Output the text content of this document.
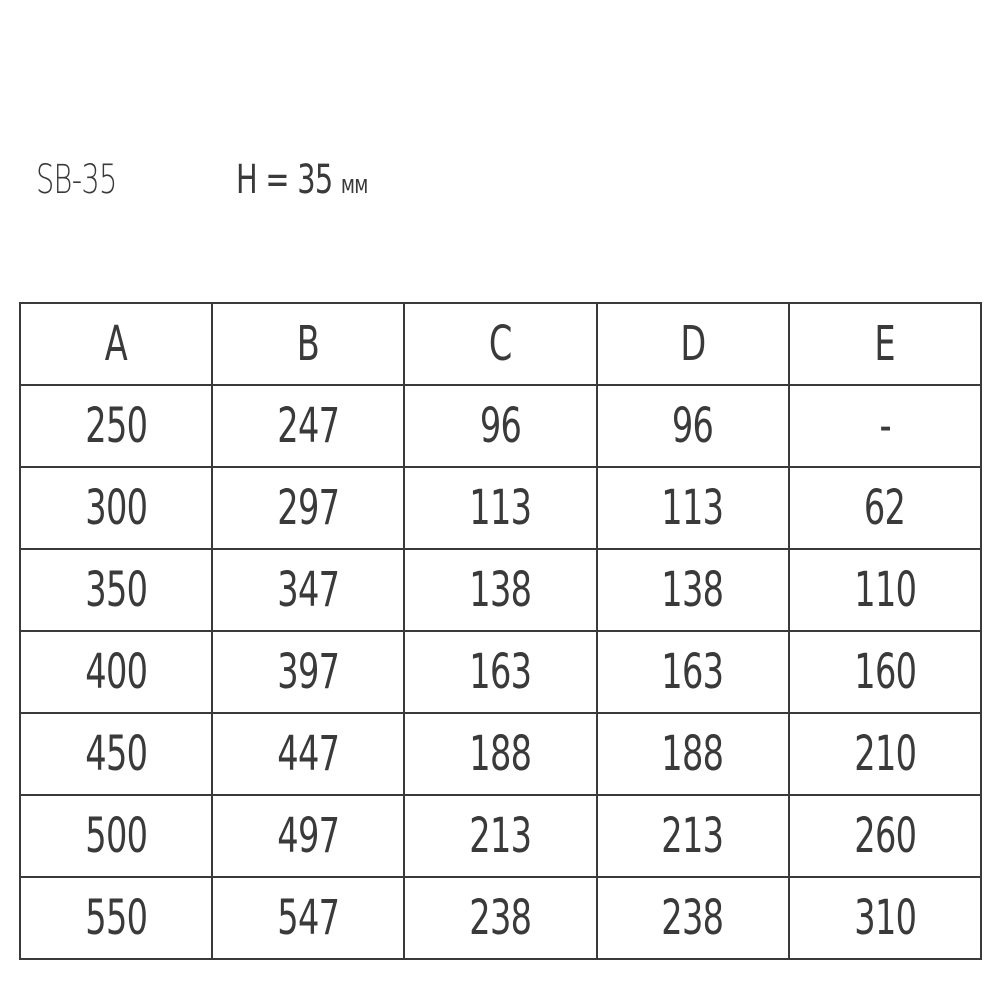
SB-35	H = 35 мм
A	B	C	D	E
250	247	96	96	-
300	297	113	113	62
350	347	138	138	110
400	397	163	163	160
450	447	188	188	210
500	497	213	213	260
550	547	238	238	310
